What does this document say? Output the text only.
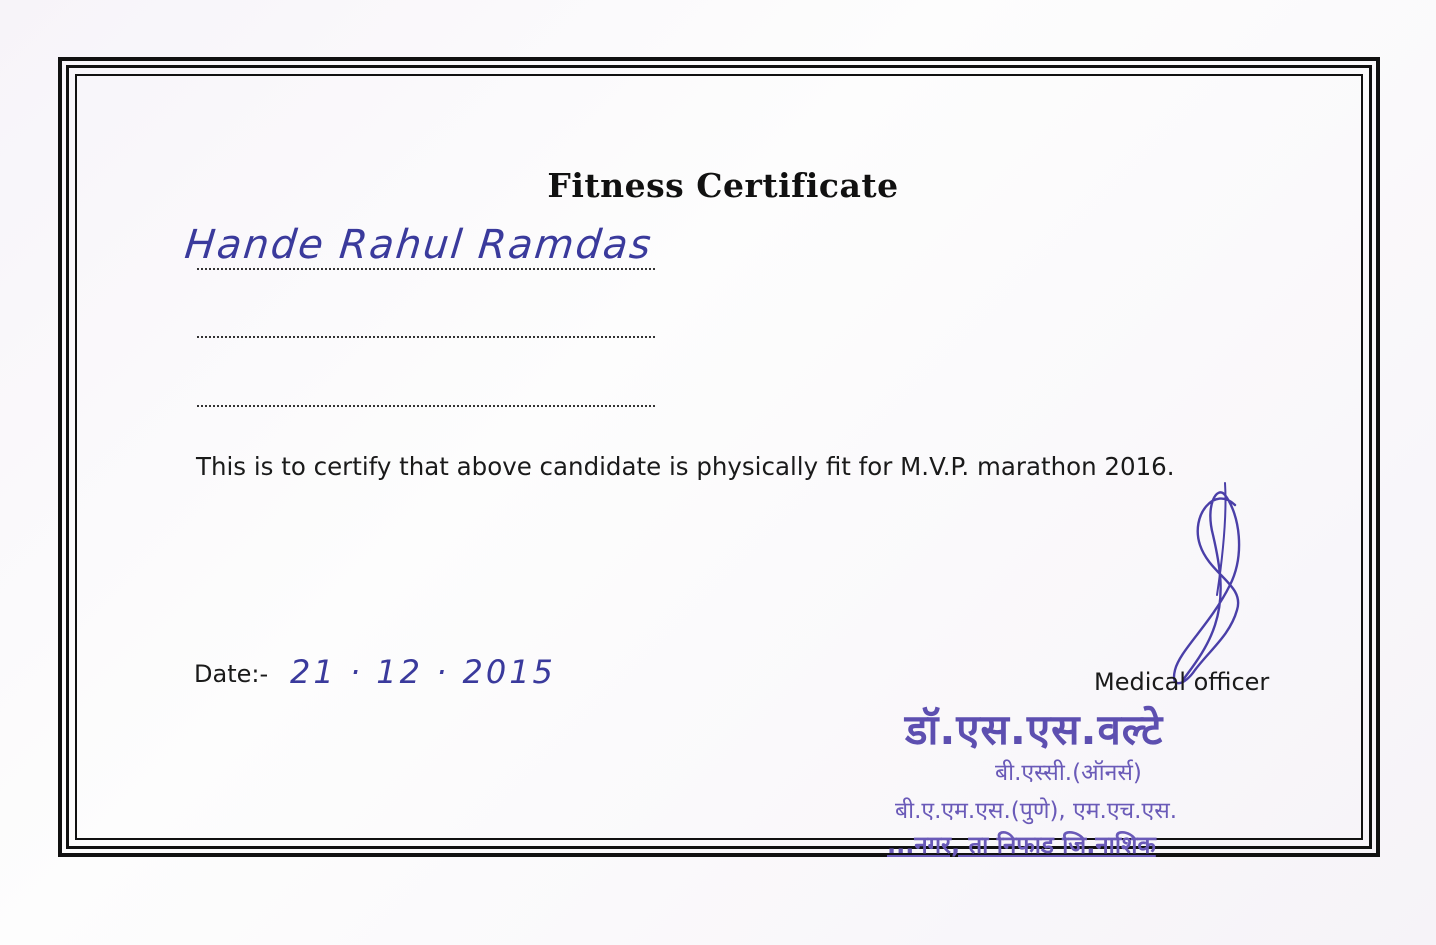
Fitness Certificate
Hande Rahul Ramdas
This is to certify that above candidate is physically fit for M.V.P. marathon 2016.
Date:- 21 · 12 · 2015	Medical officer
डॉ.एस.एस.वल्टे
बी.एस्सी.(ऑनर्स)
बी.ए.एम.एस.(पुणे), एम.एच.एस.
...नगर, ता निफाड जि.नाशिक
